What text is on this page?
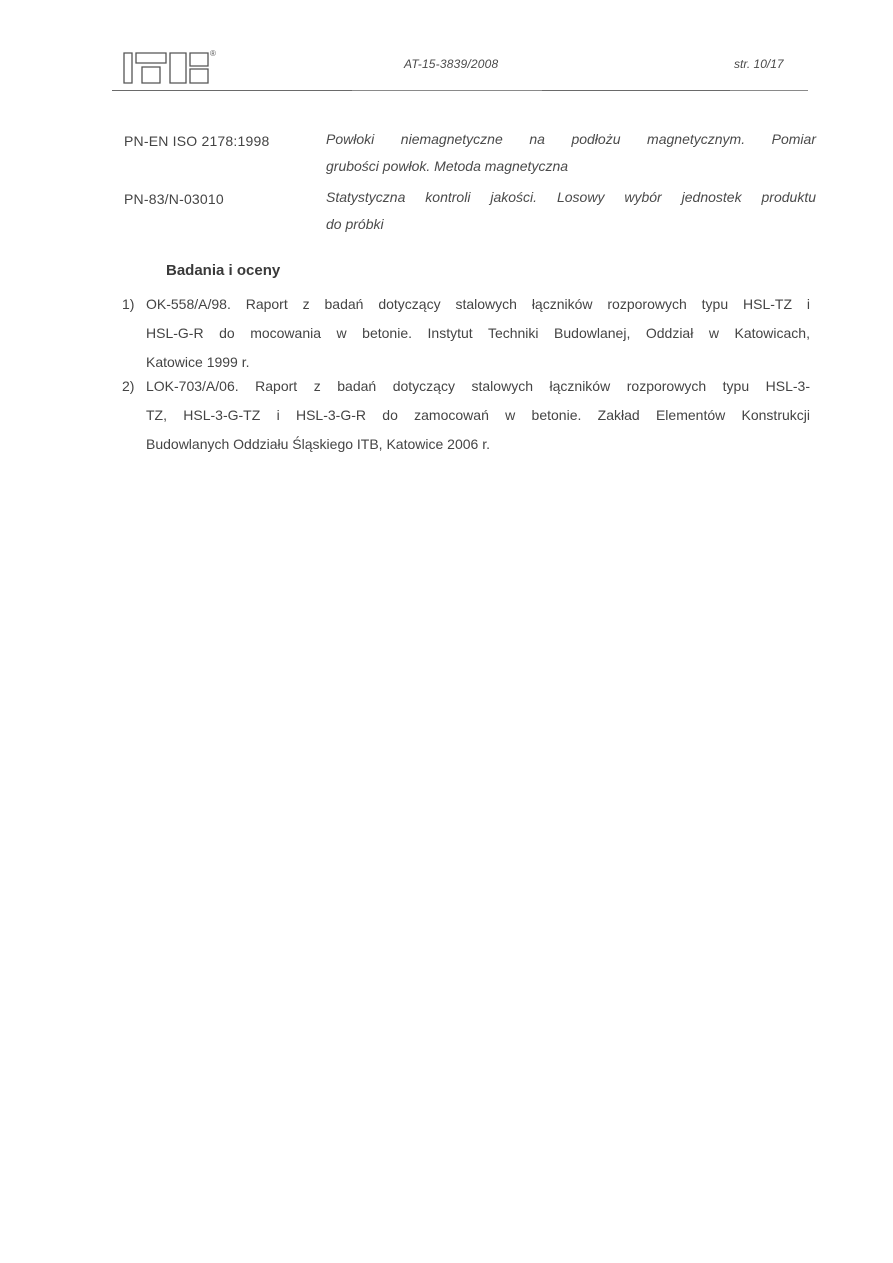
®
AT-15-3839/2008	str. 10/17
PN-EN ISO 2178:1998	Powłoki niemagnetyczne na podłożu magnetycznym. Pomiar
grubości powłok. Metoda magnetyczna

PN-83/N-03010	Statystyczna kontroli jakości. Losowy wybór jednostek produktu
do próbki

Badania i oceny
1) OK-558/A/98. Raport z badań dotyczący stalowych łączników rozporowych typu HSL-TZ i
HSL-G-R do mocowania w betonie. Instytut Techniki Budowlanej, Oddział w Katowicach,
Katowice 1999 r.
2) LOK-703/A/06. Raport z badań dotyczący stalowych łączników rozporowych typu HSL-3-
TZ, HSL-3-G-TZ i HSL-3-G-R do zamocowań w betonie. Zakład Elementów Konstrukcji
Budowlanych Oddziału Śląskiego ITB, Katowice 2006 r.
